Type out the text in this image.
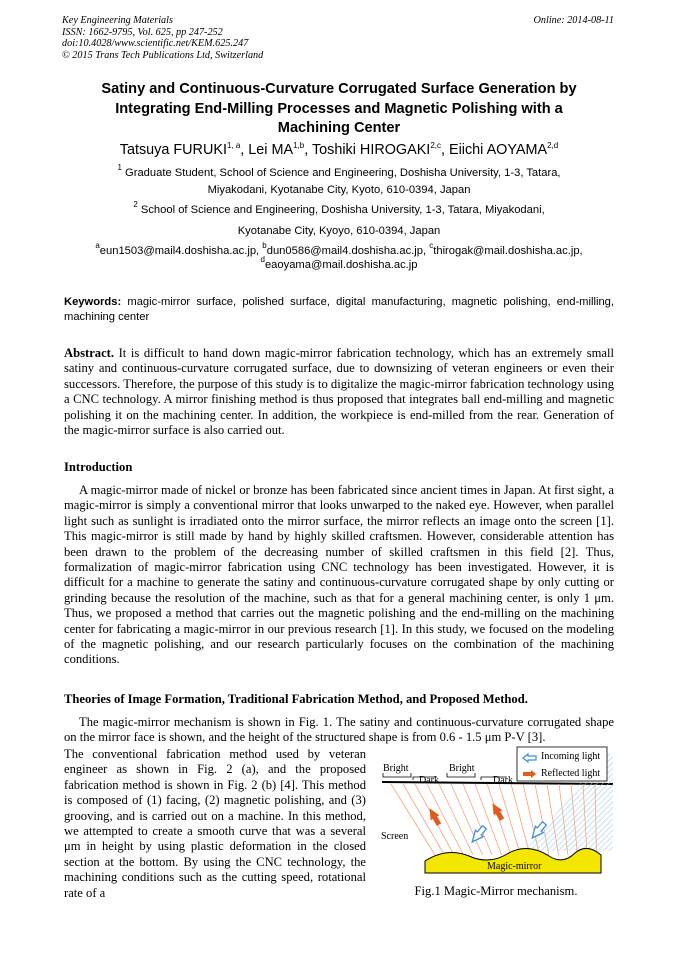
Key Engineering Materials
ISSN: 1662-9795, Vol. 625, pp 247-252
doi:10.4028/www.scientific.net/KEM.625.247
© 2015 Trans Tech Publications Ltd, Switzerland
Online: 2014-08-11
Satiny and Continuous-Curvature Corrugated Surface Generation by
Integrating End-Milling Processes and Magnetic Polishing with a
Machining Center
Tatsuya FURUKI$^{1, a}$, Lei MA$^{1,b}$, Toshiki HIROGAKI$^{2,c}$, Eiichi AOYAMA$^{2,d}$
$^1$ Graduate Student, School of Science and Engineering, Doshisha University, 1-3, Tatara,
Miyakodani, Kyotanabe City, Kyoto, 610-0394, Japan
$^2$ School of Science and Engineering, Doshisha University, 1-3, Tatara, Miyakodani,
Kyotanabe City, Kyoyo, 610-0394, Japan
$^a$eun1503@mail4.doshisha.ac.jp, $^b$dun0586@mail4.doshisha.ac.jp, $^c$thirogak@mail.doshisha.ac.jp,
$^d$eaoyama@mail.doshisha.ac.jp
Keywords: magic-mirror surface, polished surface, digital manufacturing, magnetic polishing, end-milling, machining center
Abstract. It is difficult to hand down magic-mirror fabrication technology, which has an extremely small satiny and continuous-curvature corrugated surface, due to downsizing of veteran engineers or even their successors. Therefore, the purpose of this study is to digitalize the magic-mirror fabrication technology using a CNC technology. A mirror finishing method is thus proposed that integrates ball end-milling and magnetic polishing it on the machining center. In addition, the workpiece is end-milled from the rear. Generation of the magic-mirror surface is also carried out.
Introduction
A magic-mirror made of nickel or bronze has been fabricated since ancient times in Japan. At first sight, a magic-mirror is simply a conventional mirror that looks unwarped to the naked eye. However, when parallel light such as sunlight is irradiated onto the mirror surface, the mirror reflects an image onto the screen [1]. This magic-mirror is still made by hand by highly skilled craftsmen. However, considerable attention has been drawn to the problem of the decreasing number of skilled craftsmen in this field [2]. Thus, formalization of magic-mirror fabrication using CNC technology has been investigated. However, it is difficult for a machine to generate the satiny and continuous-curvature corrugated shape by only cutting or grinding because the resolution of the machine, such as that for a general machining center, is only 1 μm. Thus, we proposed a method that carries out the magnetic polishing and the end-milling on the machining center for fabricating a magic-mirror in our previous research [1]. In this study, we focused on the modeling of the magnetic polishing, and our research particularly focuses on the combination of the machining conditions.
Theories of Image Formation, Traditional Fabrication Method, and Proposed Method.
The magic-mirror mechanism is shown in Fig. 1. The satiny and continuous-curvature corrugated shape on the mirror face is shown, and the height of the structured shape is from 0.6 - 1.5 μm P-V [3].
The conventional fabrication method used by veteran engineer as shown in Fig. 2 (a), and the proposed fabrication method is shown in Fig. 2 (b) [4]. This method is composed of (1) facing, (2) magnetic polishing, and (3) grooving, and is carried out on a machine. In this method, we attempted to create a smooth curve that was a several μm in height by using plastic deformation in the closed section at the bottom. By using the CNC technology, the machining conditions such as the cutting speed, rotational rate of a
Incoming light
Reflected light
Bright	Bright
Dark	Dark
Screen
Magic-mirror
Fig.1 Magic-Mirror mechanism.
